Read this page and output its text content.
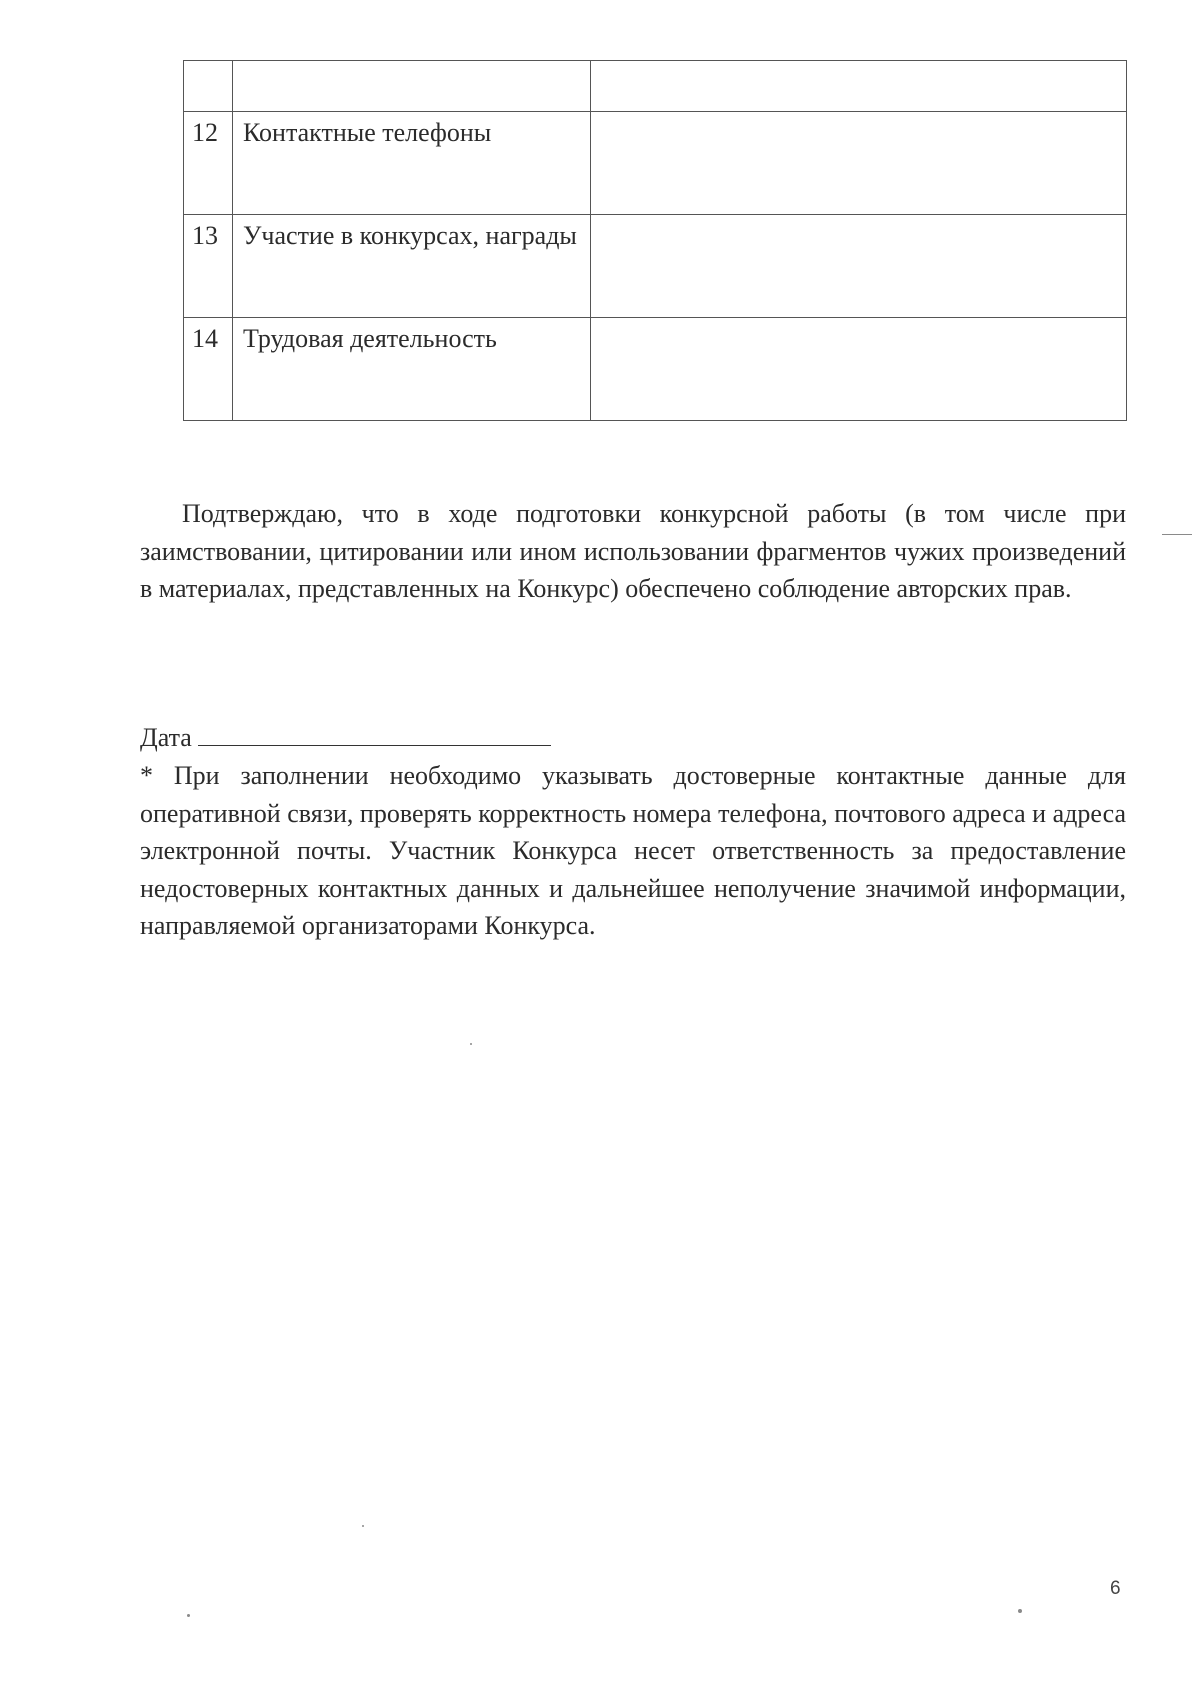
12	Контактные телефоны	
13	Участие в конкурсах, награды	
14	Трудовая деятельность	

Подтверждаю, что в ходе подготовки конкурсной работы (в том числе при заимствовании, цитировании или ином использовании фрагментов чужих произведений в материалах, представленных на Конкурс) обеспечено соблюдение авторских прав.

Дата

* При заполнении необходимо указывать достоверные контактные данные для оперативной связи, проверять корректность номера телефона, почтового адреса и адреса электронной почты. Участник Конкурса несет ответственность за предоставление недостоверных контактных данных и дальнейшее неполучение значимой информации, направляемой организаторами Конкурса.

6
